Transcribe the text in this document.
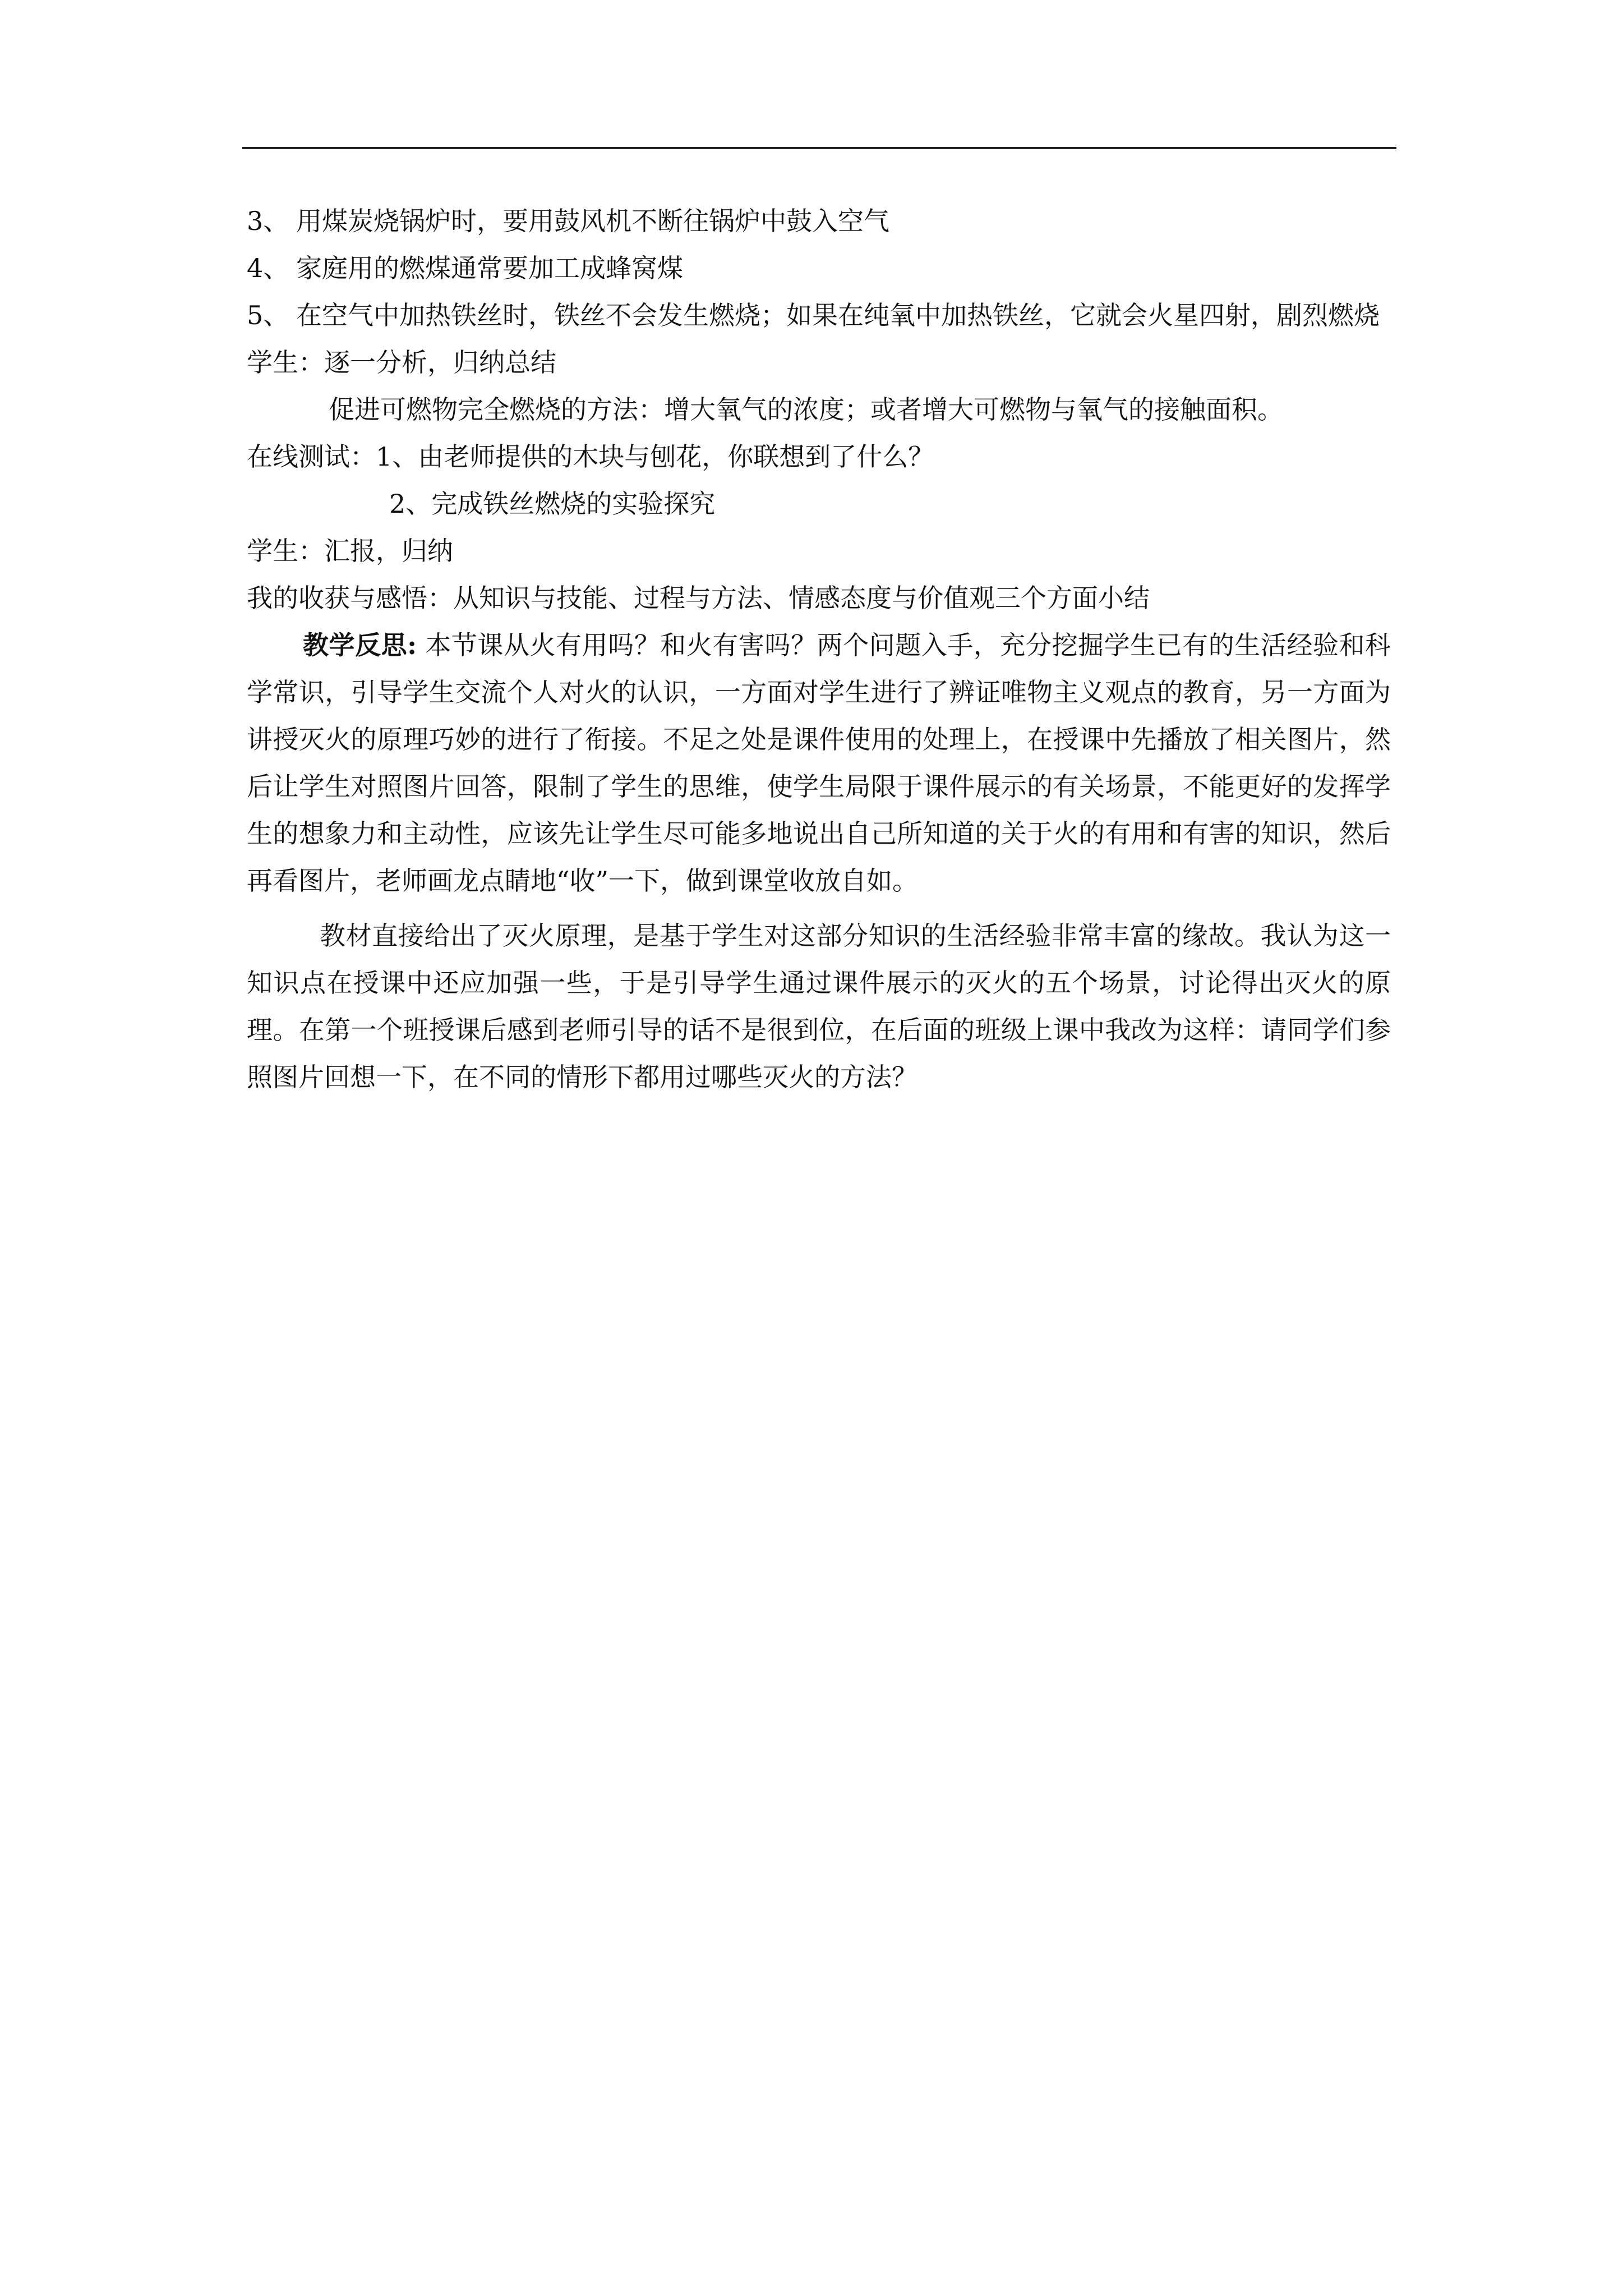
3、 用煤炭烧锅炉时，要用鼓风机不断往锅炉中鼓入空气

4、 家庭用的燃煤通常要加工成蜂窝煤

5、 在空气中加热铁丝时，铁丝不会发生燃烧；如果在纯氧中加热铁丝，它就会火星四射，剧烈燃烧

学生：逐一分析，归纳总结

促进可燃物完全燃烧的方法：增大氧气的浓度；或者增大可燃物与氧气的接触面积。

在线测试：1、由老师提供的木块与刨花，你联想到了什么？

2、完成铁丝燃烧的实验探究

学生：汇报，归纳

我的收获与感悟：从知识与技能、过程与方法、情感态度与价值观三个方面小结

教学反思: 本节课从火有用吗？和火有害吗？两个问题入手，充分挖掘学生已有的生活经验和科学常识，引导学生交流个人对火的认识，一方面对学生进行了辨证唯物主义观点的教育，另一方面为讲授灭火的原理巧妙的进行了衔接。不足之处是课件使用的处理上，在授课中先播放了相关图片，然后让学生对照图片回答，限制了学生的思维，使学生局限于课件展示的有关场景，不能更好的发挥学生的想象力和主动性，应该先让学生尽可能多地说出自己所知道的关于火的有用和有害的知识，然后再看图片，老师画龙点睛地“收”一下，做到课堂收放自如。

教材直接给出了灭火原理，是基于学生对这部分知识的生活经验非常丰富的缘故。我认为这一知识点在授课中还应加强一些，于是引导学生通过课件展示的灭火的五个场景，讨论得出灭火的原理。在第一个班授课后感到老师引导的话不是很到位，在后面的班级上课中我改为这样：请同学们参照图片回想一下，在不同的情形下都用过哪些灭火的方法？
